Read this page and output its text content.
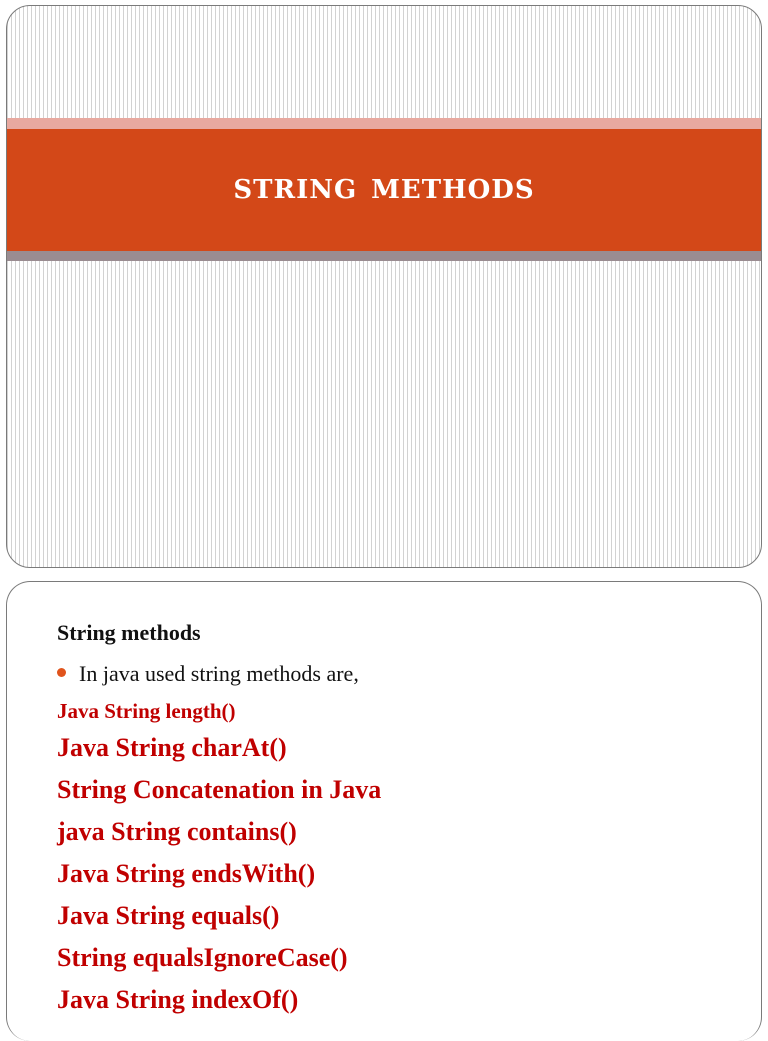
string methods
String methods
In java used string methods are,
Java String length()
Java String charAt()
String Concatenation in Java
java String contains()
Java String endsWith()
Java String equals()
String equalsIgnoreCase()
Java String indexOf()
